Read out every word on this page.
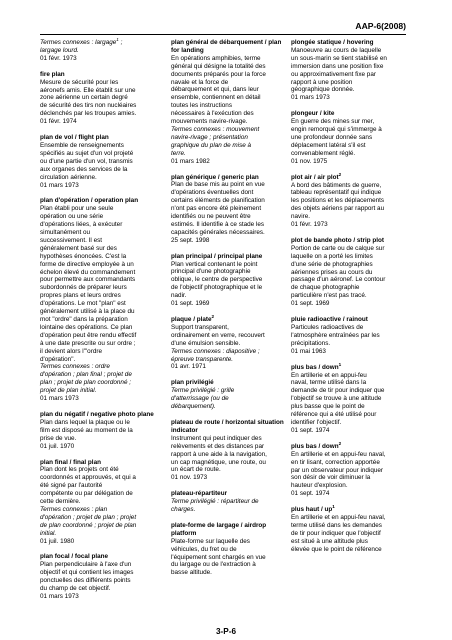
AAP-6(2008)
Termes connexes : largage$^1$ ;
largage lourd.
01 févr. 1973
fire plan
Mesure de sécurité pour les
aéronefs amis. Elle établit sur une
zone aérienne un certain degré
de sécurité des tirs non nucléaires
déclenchés par les troupes amies.
01 févr. 1974
plan de vol / flight plan
Ensemble de renseignements
spécifiés au sujet d'un vol projeté
ou d'une partie d'un vol, transmis
aux organes des services de la
circulation aérienne.
01 mars 1973
plan d'opération / operation plan
Plan établi pour une seule
opération ou une série
d'opérations liées, à exécuter
simultanément ou
successivement. Il est
généralement basé sur des
hypothèses énoncées. C'est la
forme de directive employée à un
échelon élevé du commandement
pour permettre aux commandants
subordonnés de préparer leurs
propres plans et leurs ordres
d'opérations. Le mot "plan" est
généralement utilisé à la place du
mot "ordre" dans la préparation
lointaine des opérations. Ce plan
d'opération peut être rendu effectif
à une date prescrite ou sur ordre ;
il devient alors l'"ordre
d'opération".
Termes connexes : ordre
d'opération ; plan final ; projet de
plan ; projet de plan coordonné ;
projet de plan initial.
01 mars 1973
plan du négatif / negative photo plane
Plan dans lequel la plaque ou le
film est disposé au moment de la
prise de vue.
01 juil. 1970
plan final / final plan
Plan dont les projets ont été
coordonnés et approuvés, et qui a
été signé par l'autorité
compétente ou par délégation de
cette dernière.
Termes connexes : plan
d'opération ; projet de plan ; projet
de plan coordonné ; projet de plan
initial.
01 juil. 1980
plan focal / focal plane
Plan perpendiculaire à l'axe d'un
objectif et qui contient les images
ponctuelles des différents points
du champ de cet objectif.
01 mars 1973
plan général de débarquement / plan for landing
En opérations amphibies, terme
général qui désigne la totalité des
documents préparés pour la force
navale et la force de
débarquement et qui, dans leur
ensemble, contiennent en détail
toutes les instructions
nécessaires à l'exécution des
mouvements navire-rivage.
Termes connexes : mouvement
navire-rivage ; présentation
graphique du plan de mise à
terre.
01 mars 1982
plan générique / generic plan
Plan de base mis au point en vue
d'opérations éventuelles dont
certains éléments de planification
n'ont pas encore été pleinement
identifiés ou ne peuvent être
estimés. Il identifie à ce stade les
capacités générales nécessaires.
25 sept. 1998
plan principal / principal plane
Plan vertical contenant le point
principal d'une photographie
oblique, le centre de perspective
de l'objectif photographique et le
nadir.
01 sept. 1969
plaque / plate$^2$
Support transparent,
ordinairement en verre, recouvert
d'une émulsion sensible.
Termes connexes : diapositive ;
épreuve transparente.
01 avr. 1971
plan privilégié
Terme privilégié : grille
d'atterrissage (ou de
débarquement).
plateau de route / horizontal situation indicator
Instrument qui peut indiquer des
relèvements et des distances par
rapport à une aide à la navigation,
un cap magnétique, une route, ou
un écart de route.
01 nov. 1973
plateau-répartiteur
Terme privilégié : répartiteur de
charges.
plate-forme de largage / airdrop platform
Plate-forme sur laquelle des
véhicules, du fret ou de
l'équipement sont chargés en vue
du largage ou de l'extraction à
basse altitude.
plongée statique / hovering
Manoeuvre au cours de laquelle
un sous-marin se tient stabilisé en
immersion dans une position fixe
ou approximativement fixe par
rapport à une position
géographique donnée.
01 mars 1973
plongeur / kite
En guerre des mines sur mer,
engin remorqué qui s'immerge à
une profondeur donnée sans
déplacement latéral s'il est
convenablement réglé.
01 nov. 1975
plot air / air plot$^2$
A bord des bâtiments de guerre,
tableau représentatif qui indique
les positions et les déplacements
des objets aériens par rapport au
navire.
01 févr. 1973
plot de bande photo / strip plot
Portion de carte ou de calque sur
laquelle on a porté les limites
d'une série de photographies
aériennes prises au cours du
passage d'un aéronef. Le contour
de chaque photographie
particulière n'est pas tracé.
01 sept. 1969
pluie radioactive / rainout
Particules radioactives de
l'atmosphère entraînées par les
précipitations.
01 mai 1963
plus bas / down$^1$
En artillerie et en appui-feu
naval, terme utilisé dans la
demande de tir pour indiquer que
l'objectif se trouve à une altitude
plus basse que le point de
référence qui a été utilisé pour
identifier l'objectif.
01 sept. 1974
plus bas / down$^2$
En artillerie et en appui-feu naval,
en tir lisant, correction apportée
par un observateur pour indiquer
son désir de voir diminuer la
hauteur d'explosion.
01 sept. 1974
plus haut / $up^1$
En artillerie et en appui-feu naval,
terme utilisé dans les demandes
de tir pour indiquer que l'objectif
est situé à une altitude plus
élevée que le point de référence
3-P-6
